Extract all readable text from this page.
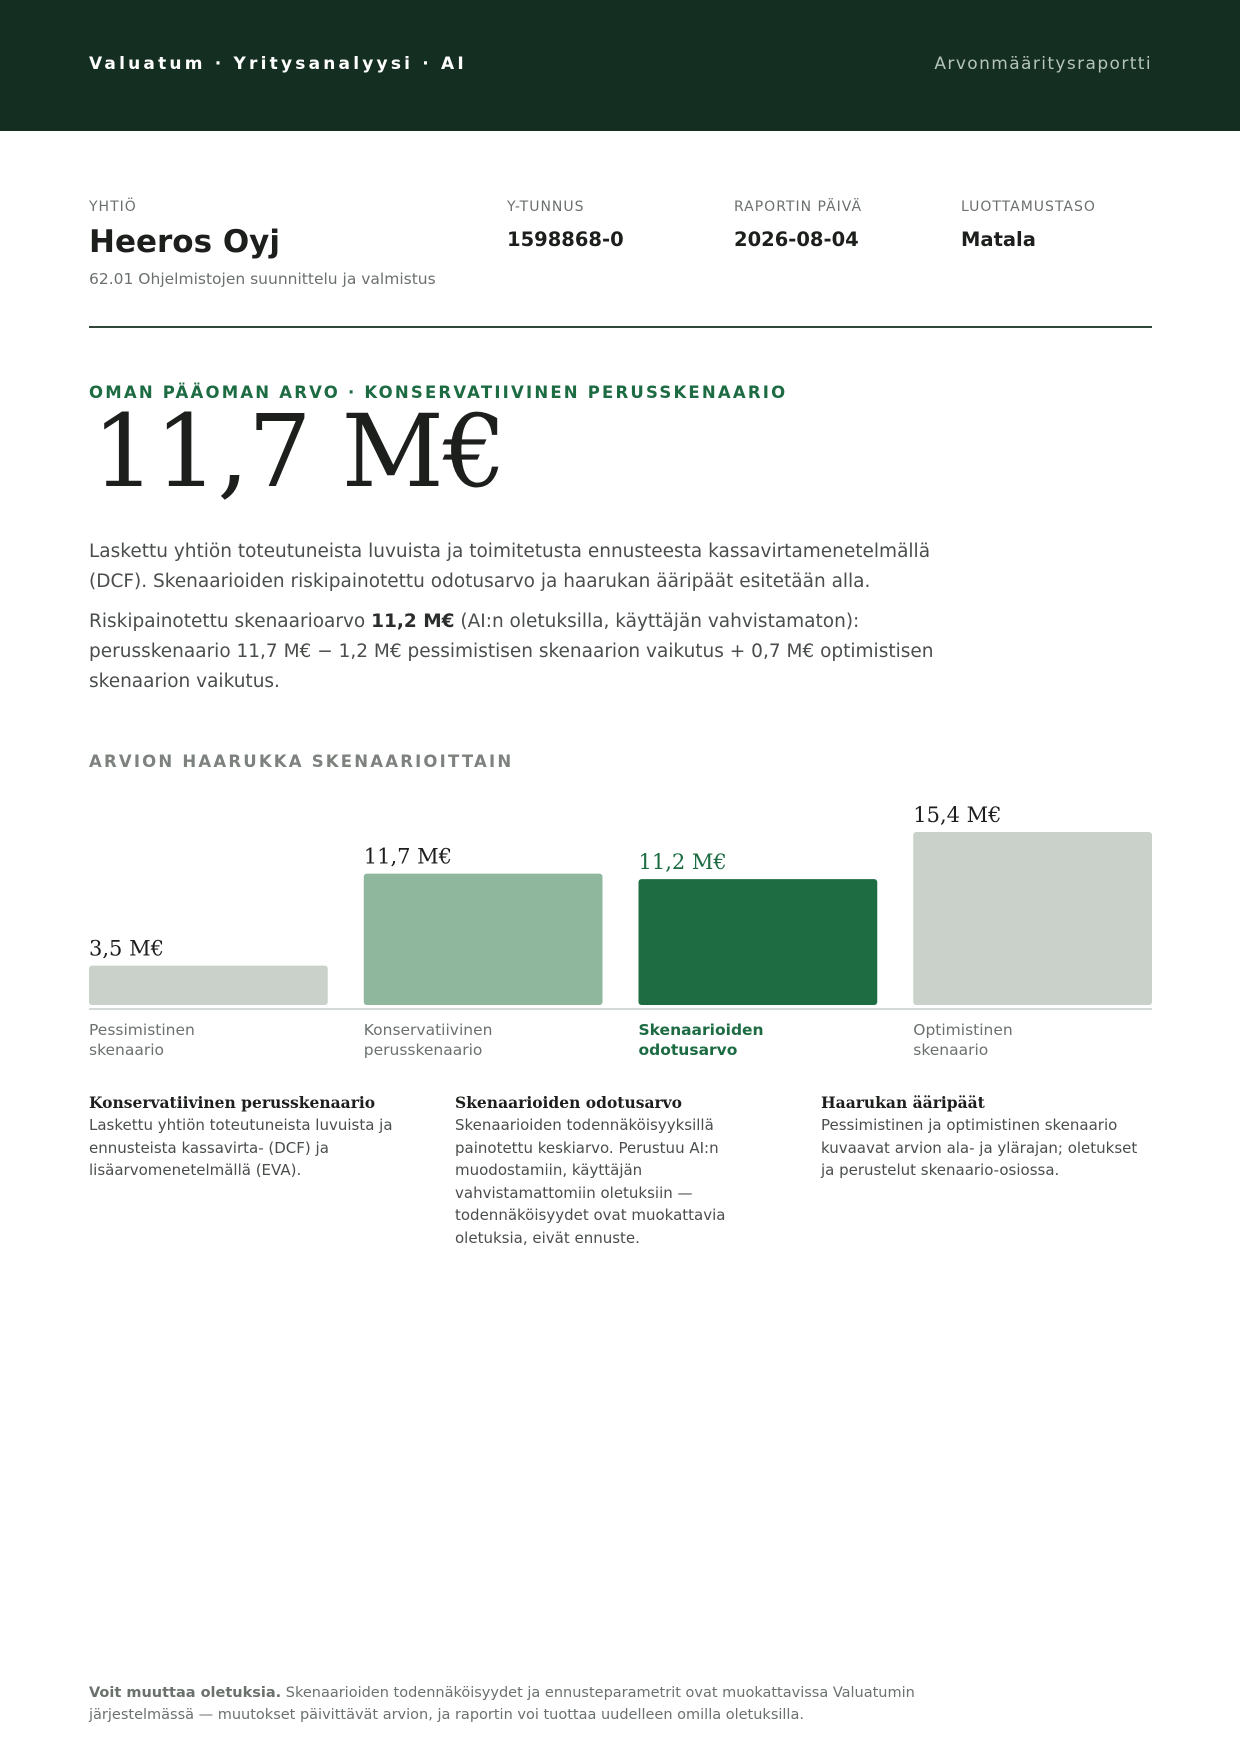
Valuatum · Yritysanalyysi · AI	Arvonmääritysraportti
YHTIÖ
Heeros Oyj
62.01 Ohjelmistojen suunnittelu ja valmistus
Y-TUNNUS
1598868-0
RAPORTIN PÄIVÄ
2026-08-04
LUOTTAMUSTASO
Matala
OMAN PÄÄOMAN ARVO · KONSERVATIIVINEN PERUSSKENAARIO
11,7 M€

Laskettu yhtiön toteutuneista luvuista ja toimitetusta ennusteesta kassavirtamenetelmällä (DCF). Skenaarioiden riskipainotettu odotusarvo ja haarukan ääripäät esitetään alla.

Riskipainotettu skenaarioarvo 11,2 M€ (AI:n oletuksilla, käyttäjän vahvistamaton): perusskenaario 11,7 M€ − 1,2 M€ pessimistisen skenaarion vaikutus + 0,7 M€ optimistisen skenaarion vaikutus.

ARVION HAARUKKA SKENAARIOITTAIN
3,5 M€
11,7 M€	11,2 M€
15,4 M€
Pessimistinen
skenaario
Konservatiivinen
perusskenaario
Skenaarioiden
odotusarvo
Optimistinen
skenaario
Konservatiivinen perusskenaario
Laskettu yhtiön toteutuneista luvuista ja ennusteista kassavirta- (DCF) ja lisäarvomenetelmällä (EVA).
Skenaarioiden odotusarvo
Skenaarioiden todennäköisyyksillä painotettu keskiarvo. Perustuu AI:n muodostamiin, käyttäjän vahvistamattomiin oletuksiin — todennäköisyydet ovat muokattavia oletuksia, eivät ennuste.
Haarukan ääripäät
Pessimistinen ja optimistinen skenaario kuvaavat arvion ala- ja ylärajan; oletukset ja perustelut skenaario-osiossa.

Voit muuttaa oletuksia. Skenaarioiden todennäköisyydet ja ennusteparametrit ovat muokattavissa Valuatumin järjestelmässä — muutokset päivittävät arvion, ja raportin voi tuottaa uudelleen omilla oletuksilla.
